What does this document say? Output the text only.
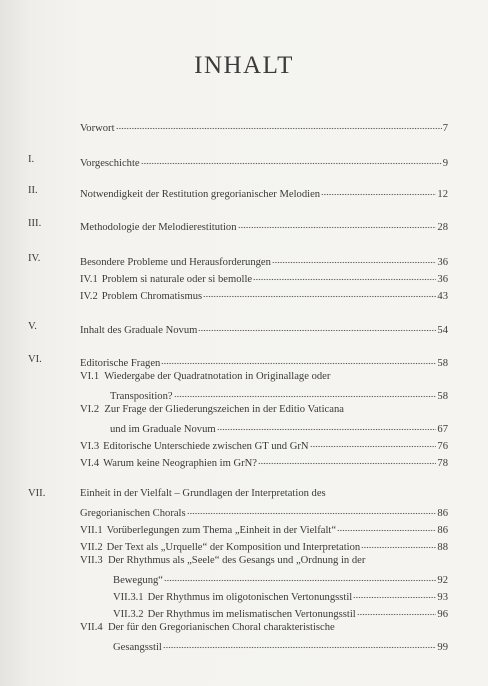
INHALT
Vorwort	7
I.	Vorgeschichte	9
II.	Notwendigkeit der Restitution gregorianischer Melodien	12
III.	Methodologie der Melodierestitution	28
IV.	Besondere Probleme und Herausforderungen	36
IV.1 Problem si naturale oder si bemolle	36
IV.2 Problem Chromatismus	43
V.	Inhalt des Graduale Novum	54
VI.	Editorische Fragen	58
VI.1 Wiedergabe der Quadratnotation in Originallage oder
Transposition?	58
VI.2 Zur Frage der Gliederungszeichen in der Editio Vaticana
und im Graduale Novum	67
VI.3 Editorische Unterschiede zwischen GT und GrN	76
VI.4 Warum keine Neographien im GrN?	78
VII.	Einheit in der Vielfalt – Grundlagen der Interpretation des
Gregorianischen Chorals	86
VII.1 Vorüberlegungen zum Thema „Einheit in der Vielfalt“	86
VII.2 Der Text als „Urquelle“ der Komposition und Interpretation	88
VII.3 Der Rhythmus als „Seele“ des Gesangs und „Ordnung in der
Bewegung“	92
VII.3.1 Der Rhythmus im oligotonischen Vertonungsstil	93
VII.3.2 Der Rhythmus im melismatischen Vertonungsstil	96
VII.4 Der für den Gregorianischen Choral charakteristische
Gesangsstil	99
